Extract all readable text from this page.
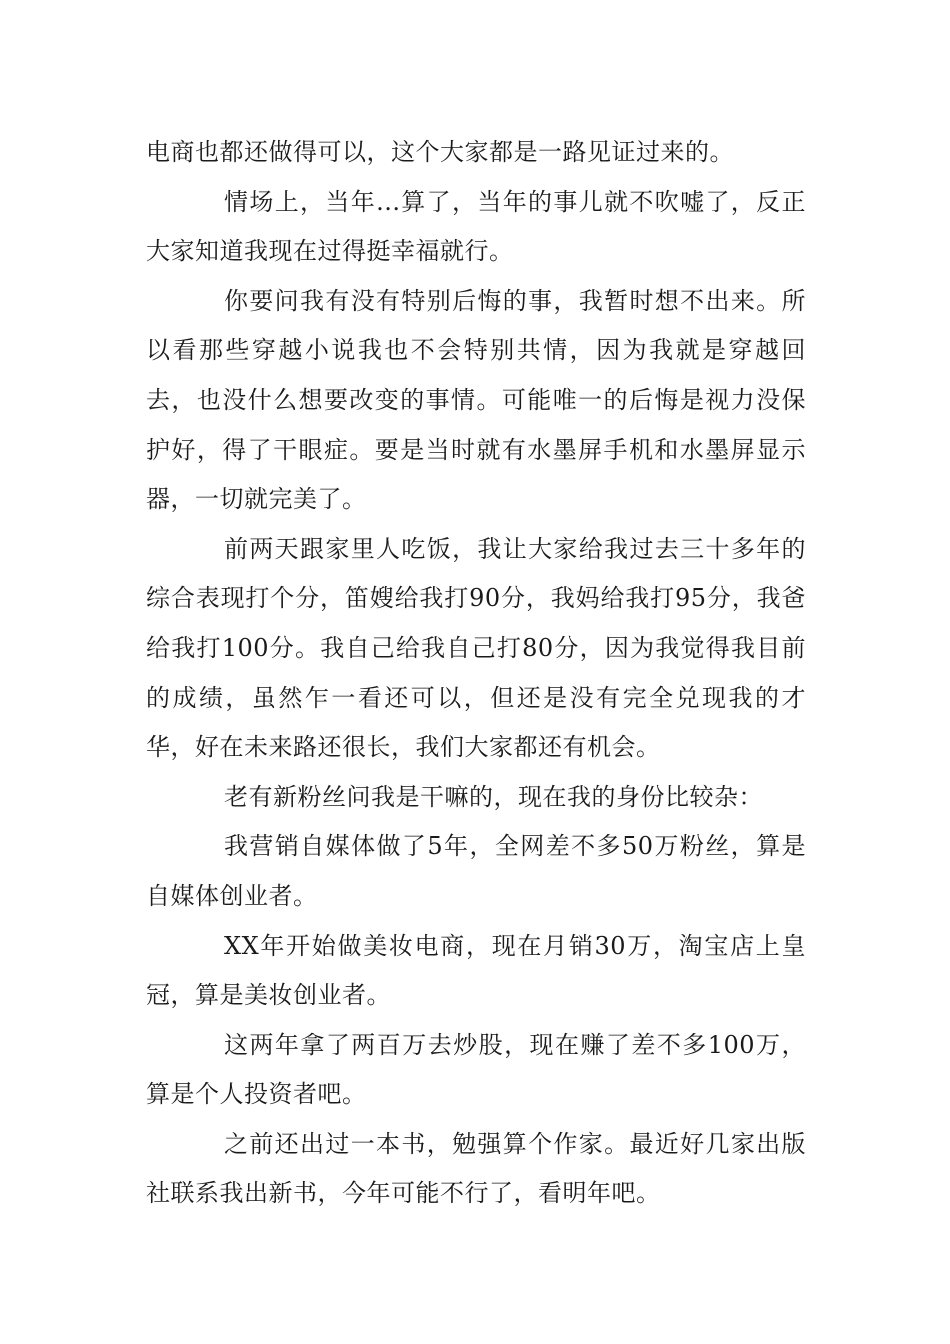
电商也都还做得可以，这个大家都是一路见证过来的。

情场上，当年...算了，当年的事儿就不吹嘘了，反正大家知道我现在过得挺幸福就行。

你要问我有没有特别后悔的事，我暂时想不出来。所以看那些穿越小说我也不会特别共情，因为我就是穿越回去，也没什么想要改变的事情。可能唯一的后悔是视力没保护好，得了干眼症。要是当时就有水墨屏手机和水墨屏显示器，一切就完美了。

前两天跟家里人吃饭，我让大家给我过去三十多年的综合表现打个分，笛嫂给我打90分，我妈给我打95分，我爸给我打100分。我自己给我自己打80分，因为我觉得我目前的成绩，虽然乍一看还可以，但还是没有完全兑现我的才华，好在未来路还很长，我们大家都还有机会。

老有新粉丝问我是干嘛的，现在我的身份比较杂：

我营销自媒体做了5年，全网差不多50万粉丝，算是自媒体创业者。

XX年开始做美妆电商，现在月销30万，淘宝店上皇冠，算是美妆创业者。

这两年拿了两百万去炒股，现在赚了差不多100万，算是个人投资者吧。

之前还出过一本书，勉强算个作家。最近好几家出版社联系我出新书，今年可能不行了，看明年吧。
